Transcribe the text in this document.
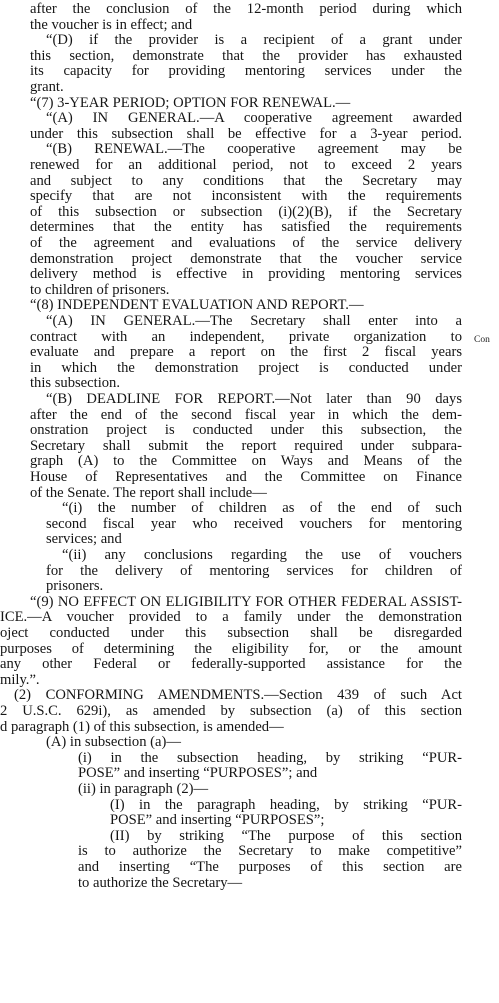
Con
after the conclusion of the 12-month period during which
the voucher is in effect; and
“(D) if the provider is a recipient of a grant under
this section, demonstrate that the provider has exhausted
its capacity for providing mentoring services under the
grant.
“(7) 3-YEAR PERIOD; OPTION FOR RENEWAL.—
“(A) IN GENERAL.—A cooperative agreement awarded
under this subsection shall be effective for a 3-year period.
“(B) RENEWAL.—The cooperative agreement may be
renewed for an additional period, not to exceed 2 years
and subject to any conditions that the Secretary may
specify that are not inconsistent with the requirements
of this subsection or subsection (i)(2)(B), if the Secretary
determines that the entity has satisfied the requirements
of the agreement and evaluations of the service delivery
demonstration project demonstrate that the voucher service
delivery method is effective in providing mentoring services
to children of prisoners.
“(8) INDEPENDENT EVALUATION AND REPORT.—
“(A) IN GENERAL.—The Secretary shall enter into a
contract with an independent, private organization to
evaluate and prepare a report on the first 2 fiscal years
in which the demonstration project is conducted under
this subsection.
“(B) DEADLINE FOR REPORT.—Not later than 90 days
after the end of the second fiscal year in which the dem-
onstration project is conducted under this subsection, the
Secretary shall submit the report required under subpara-
graph (A) to the Committee on Ways and Means of the
House of Representatives and the Committee on Finance
of the Senate. The report shall include—
“(i) the number of children as of the end of such
second fiscal year who received vouchers for mentoring
services; and
“(ii) any conclusions regarding the use of vouchers
for the delivery of mentoring services for children of
prisoners.
“(9) NO EFFECT ON ELIGIBILITY FOR OTHER FEDERAL ASSIST-
ICE.—A voucher provided to a family under the demonstration
oject conducted under this subsection shall be disregarded
purposes of determining the eligibility for, or the amount
any other Federal or federally-supported assistance for the
mily.”.
(2) CONFORMING AMENDMENTS.—Section 439 of such Act
2 U.S.C. 629i), as amended by subsection (a) of this section
d paragraph (1) of this subsection, is amended—
(A) in subsection (a)—
(i) in the subsection heading, by striking “PUR-
POSE” and inserting “PURPOSES”; and
(ii) in paragraph (2)—
(I) in the paragraph heading, by striking “PUR-
POSE” and inserting “PURPOSES”;
(II) by striking “The purpose of this section
is to authorize the Secretary to make competitive”
and inserting “The purposes of this section are
to authorize the Secretary—
